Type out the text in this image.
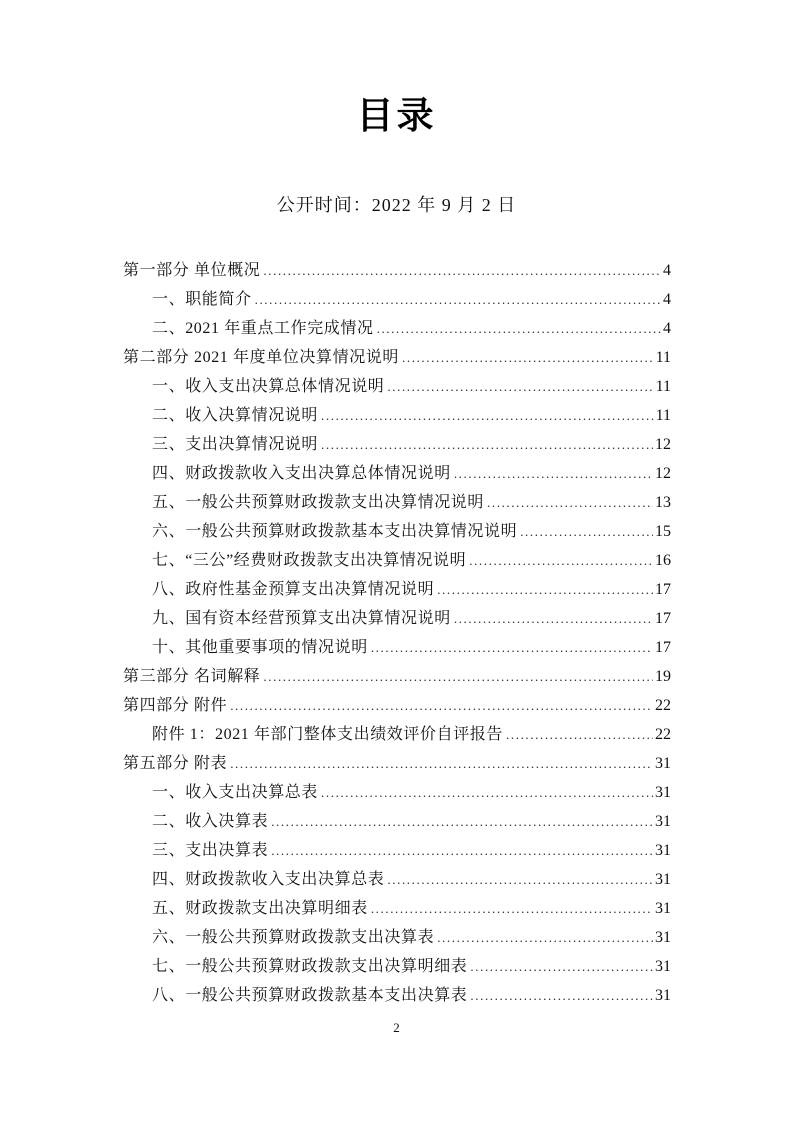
目录
公开时间：2022 年 9 月 2 日
第一部分 单位概况 .....	4
一、职能简介 .....	4
二、2021 年重点工作完成情况 .....	4
第二部分 2021 年度单位决算情况说明 .....	11
一、收入支出决算总体情况说明 .....	11
二、收入决算情况说明 .....	11
三、支出决算情况说明 .....	12
四、财政拨款收入支出决算总体情况说明 .....	12
五、一般公共预算财政拨款支出决算情况说明 .....	13
六、一般公共预算财政拨款基本支出决算情况说明 .....	15
七、“三公”经费财政拨款支出决算情况说明 .....	16
八、政府性基金预算支出决算情况说明 .....	17
九、国有资本经营预算支出决算情况说明 .....	17
十、其他重要事项的情况说明 .....	17
第三部分 名词解释 .....	19
第四部分 附件 .....	22
附件 1：2021 年部门整体支出绩效评价自评报告 .....	22
第五部分 附表 .....	31
一、收入支出决算总表 .....	31
二、收入决算表 .....	31
三、支出决算表 .....	31
四、财政拨款收入支出决算总表 .....	31
五、财政拨款支出决算明细表 .....	31
六、一般公共预算财政拨款支出决算表 .....	31
七、一般公共预算财政拨款支出决算明细表 .....	31
八、一般公共预算财政拨款基本支出决算表 .....	31
2
